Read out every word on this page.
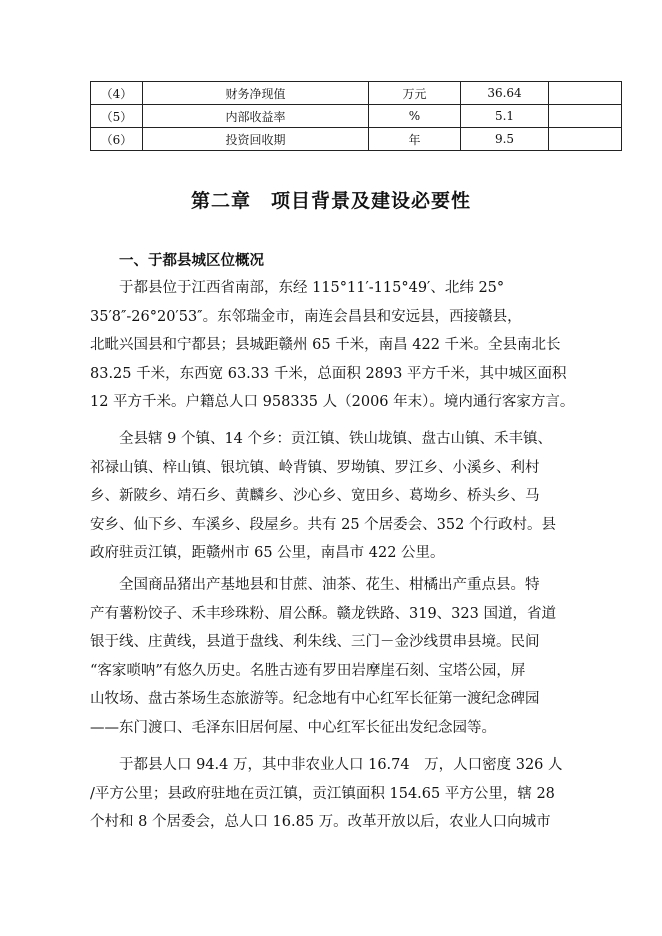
（4）	财务净现值	万元	36.64	
（5）	内部收益率	%	5.1	
（6）	投资回收期	年	9.5	
第二章　项目背景及建设必要性
一、于都县城区位概况
于都县位于江西省南部，东经 115°11′-115°49′、北纬 25°
35′8″-26°20′53″。东邻瑞金市，南连会昌县和安远县，西接赣县，
北毗兴国县和宁都县；县城距赣州 65 千米，南昌 422 千米。全县南北长
83.25 千米，东西宽 63.33 千米，总面积 2893 平方千米，其中城区面积
12 平方千米。户籍总人口 958335 人（2006 年末）。境内通行客家方言。
全县辖 9 个镇、14 个乡：贡江镇、铁山垅镇、盘古山镇、禾丰镇、
祁禄山镇、梓山镇、银坑镇、岭背镇、罗坳镇、罗江乡、小溪乡、利村
乡、新陂乡、靖石乡、黄麟乡、沙心乡、宽田乡、葛坳乡、桥头乡、马
安乡、仙下乡、车溪乡、段屋乡。共有 25 个居委会、352 个行政村。县
政府驻贡江镇，距赣州市 65 公里，南昌市 422 公里。
全国商品猪出产基地县和甘蔗、油茶、花生、柑橘出产重点县。特
产有薯粉饺子、禾丰珍珠粉、眉公酥。赣龙铁路、319、323 国道，省道
银于线、庄黄线，县道于盘线、利朱线、三门－金沙线贯串县境。民间
“客家唢呐”有悠久历史。名胜古迹有罗田岩摩崖石刻、宝塔公园，屏
山牧场、盘古茶场生态旅游等。纪念地有中心红军长征第一渡纪念碑园
——东门渡口、毛泽东旧居何屋、中心红军长征出发纪念园等。
于都县人口 94.4 万，其中非农业人口 16.74　万，人口密度 326 人
/平方公里；县政府驻地在贡江镇，贡江镇面积 154.65 平方公里，辖 28
个村和 8 个居委会，总人口 16.85 万。改革开放以后，农业人口向城市
